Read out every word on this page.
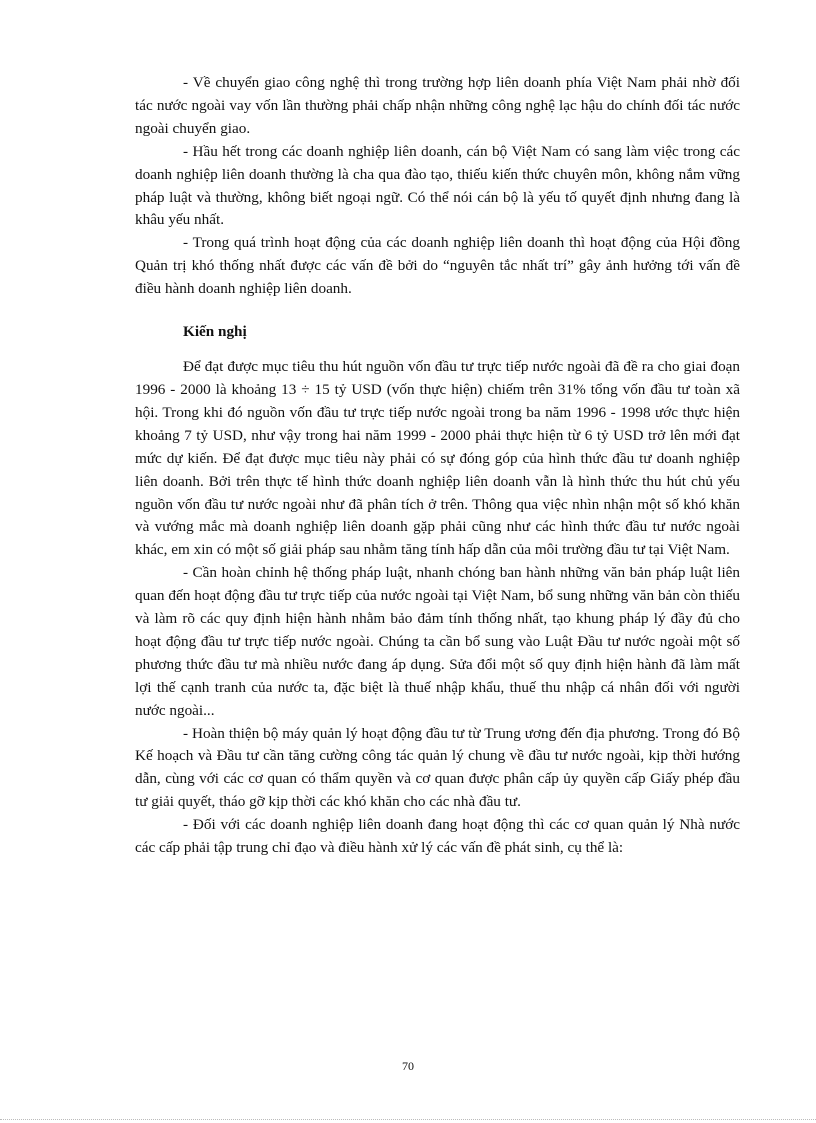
- Về chuyển giao công nghệ thì trong trường hợp liên doanh phía Việt Nam phải nhờ đối tác nước ngoài vay vốn lần thường phải chấp nhận những công nghệ lạc hậu do chính đối tác nước ngoài chuyển giao.

- Hầu hết trong các doanh nghiệp liên doanh, cán bộ Việt Nam có sang làm việc trong các doanh nghiệp liên doanh thường là cha qua đào tạo, thiếu kiến thức chuyên môn, không nắm vững pháp luật và thường, không biết ngoại ngữ. Có thể nói cán bộ là yếu tố quyết định nhưng đang là khâu yếu nhất.

- Trong quá trình hoạt động của các doanh nghiệp liên doanh thì hoạt động của Hội đồng Quản trị khó thống nhất được các vấn đề bởi do “nguyên tắc nhất trí” gây ảnh hưởng tới vấn đề điều hành doanh nghiệp liên doanh.

Kiến nghị

Để đạt được mục tiêu thu hút nguồn vốn đầu tư trực tiếp nước ngoài đã đề ra cho giai đoạn 1996 - 2000 là khoảng 13 ÷ 15 tỷ USD (vốn thực hiện) chiếm trên 31% tổng vốn đầu tư toàn xã hội. Trong khi đó nguồn vốn đầu tư trực tiếp nước ngoài trong ba năm 1996 - 1998 ước thực hiện khoảng 7 tỷ USD, như vậy trong hai năm 1999 - 2000 phải thực hiện từ 6 tỷ USD trở lên mới đạt mức dự kiến. Để đạt được mục tiêu này phải có sự đóng góp của hình thức đầu tư doanh nghiệp liên doanh. Bởi trên thực tế hình thức doanh nghiệp liên doanh vẫn là hình thức thu hút chủ yếu nguồn vốn đầu tư nước ngoài như đã phân tích ở trên. Thông qua việc nhìn nhận một số khó khăn và vướng mắc mà doanh nghiệp liên doanh gặp phải cũng như các hình thức đầu tư nước ngoài khác, em xin có một số giải pháp sau nhằm tăng tính hấp dẫn của môi trường đầu tư tại Việt Nam.

- Cần hoàn chỉnh hệ thống pháp luật, nhanh chóng ban hành những văn bản pháp luật liên quan đến hoạt động đầu tư trực tiếp của nước ngoài tại Việt Nam, bổ sung những văn bản còn thiếu và làm rõ các quy định hiện hành nhằm bảo đảm tính thống nhất, tạo khung pháp lý đầy đủ cho hoạt động đầu tư trực tiếp nước ngoài. Chúng ta cần bổ sung vào Luật Đầu tư nước ngoài một số phương thức đầu tư mà nhiều nước đang áp dụng. Sửa đổi một số quy định hiện hành đã làm mất lợi thế cạnh tranh của nước ta, đặc biệt là thuế nhập khẩu, thuế thu nhập cá nhân đối với người nước ngoài...

- Hoàn thiện bộ máy quản lý hoạt động đầu tư từ Trung ương đến địa phương. Trong đó Bộ Kế hoạch và Đầu tư cần tăng cường công tác quản lý chung về đầu tư nước ngoài, kịp thời hướng dẫn, cùng với các cơ quan có thẩm quyền và cơ quan được phân cấp ủy quyền cấp Giấy phép đầu tư giải quyết, tháo gỡ kịp thời các khó khăn cho các nhà đầu tư.

- Đối với các doanh nghiệp liên doanh đang hoạt động thì các cơ quan quản lý Nhà nước các cấp phải tập trung chỉ đạo và điều hành xử lý các vấn đề phát sinh, cụ thể là:

70
